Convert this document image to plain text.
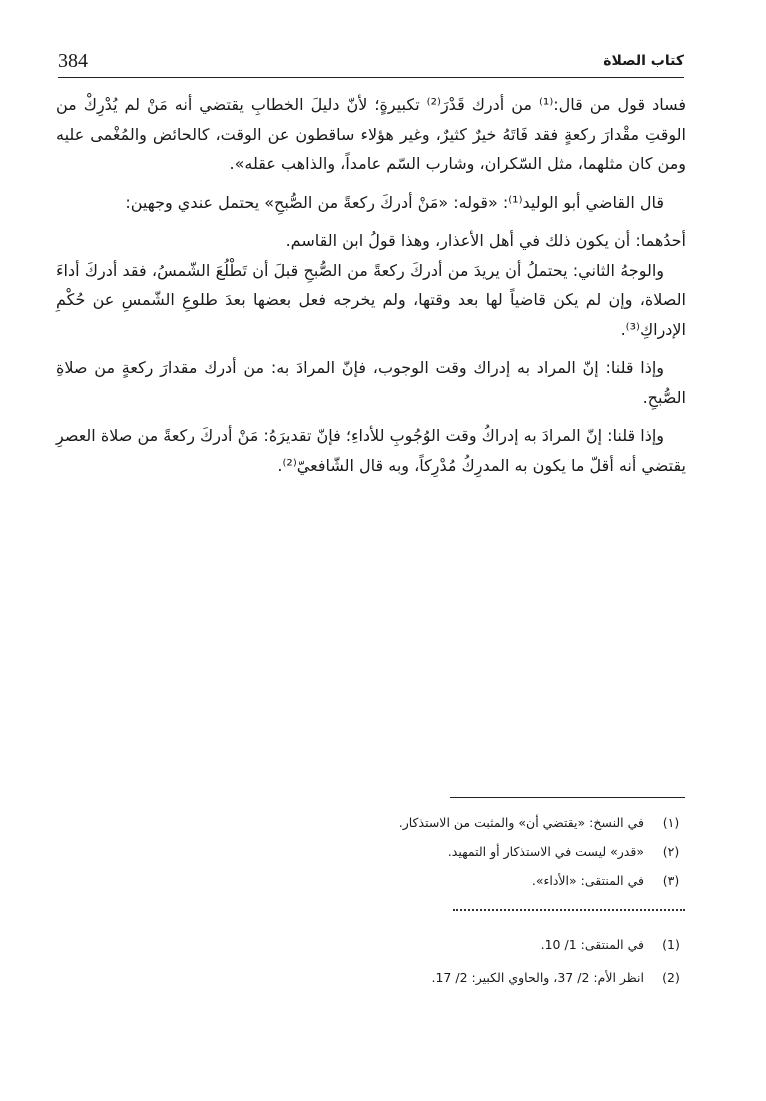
384	كتاب الصلاة

فساد قول من قال:⁽¹⁾ من أدرك قَدْرَ⁽²⁾ تكبيرةٍ؛ لأنّ دليلَ الخطابِ يقتضي أنه مَنْ لم يُدْرِكْ من الوقتِ مقْدارَ ركعةٍ فقد فَاتَهُ خيرٌ كثيرٌ، وغير هؤلاء ساقطون عن الوقت، كالحائض والمُغْمى عليه ومن كان مثلهما، مثل السّكران، وشارب السّم عامداً، والذاهب عقله».

قال القاضي أبو الوليد⁽¹⁾: «قوله: «مَنْ أدركَ ركعةً من الصُّبحِ» يحتمل عندي وجهين:

أحدُهما: أن يكون ذلك في أهل الأعذار، وهذا قولُ ابن القاسم.

والوجهُ الثاني: يحتملُ أن يريدَ من أدركَ ركعةً من الصُّبحِ قبلَ أن تَطْلُعَ الشّمسُ، فقد أدركَ أداءَ الصلاة، وإن لم يكن قاضياً لها بعد وقتها، ولم يخرجه فعل بعضها بعدَ طلوعِ الشّمسِ عن حُكْمِ الإدراكِ⁽³⁾.

وإذا قلنا: إنّ المراد به إدراك وقت الوجوب، فإنّ المرادَ به: من أدرك مقدارَ ركعةٍ من صلاةِ الصُّبحِ.

وإذا قلنا: إنّ المرادَ به إدراكُ وقت الوُجُوبِ للأداءِ؛ فإنّ تقديرَهُ: مَنْ أدركَ ركعةً من صلاة العصرِ يقتضي أنه أقلّ ما يكون به المدرِكُ مُدْرِكاً، وبه قال الشّافعيّ⁽²⁾.

(١)
في النسخ: «يقتضي أن» والمثبت من الاستذكار.
(٢)
«قدر» ليست في الاستذكار أو التمهيد.
(٣)
في المنتقى: «الأداء».
(1)
في المنتقى: 1/ 10.
(2)
انظر الأم: 2/ 37، والحاوي الكبير: 2/ 17.
